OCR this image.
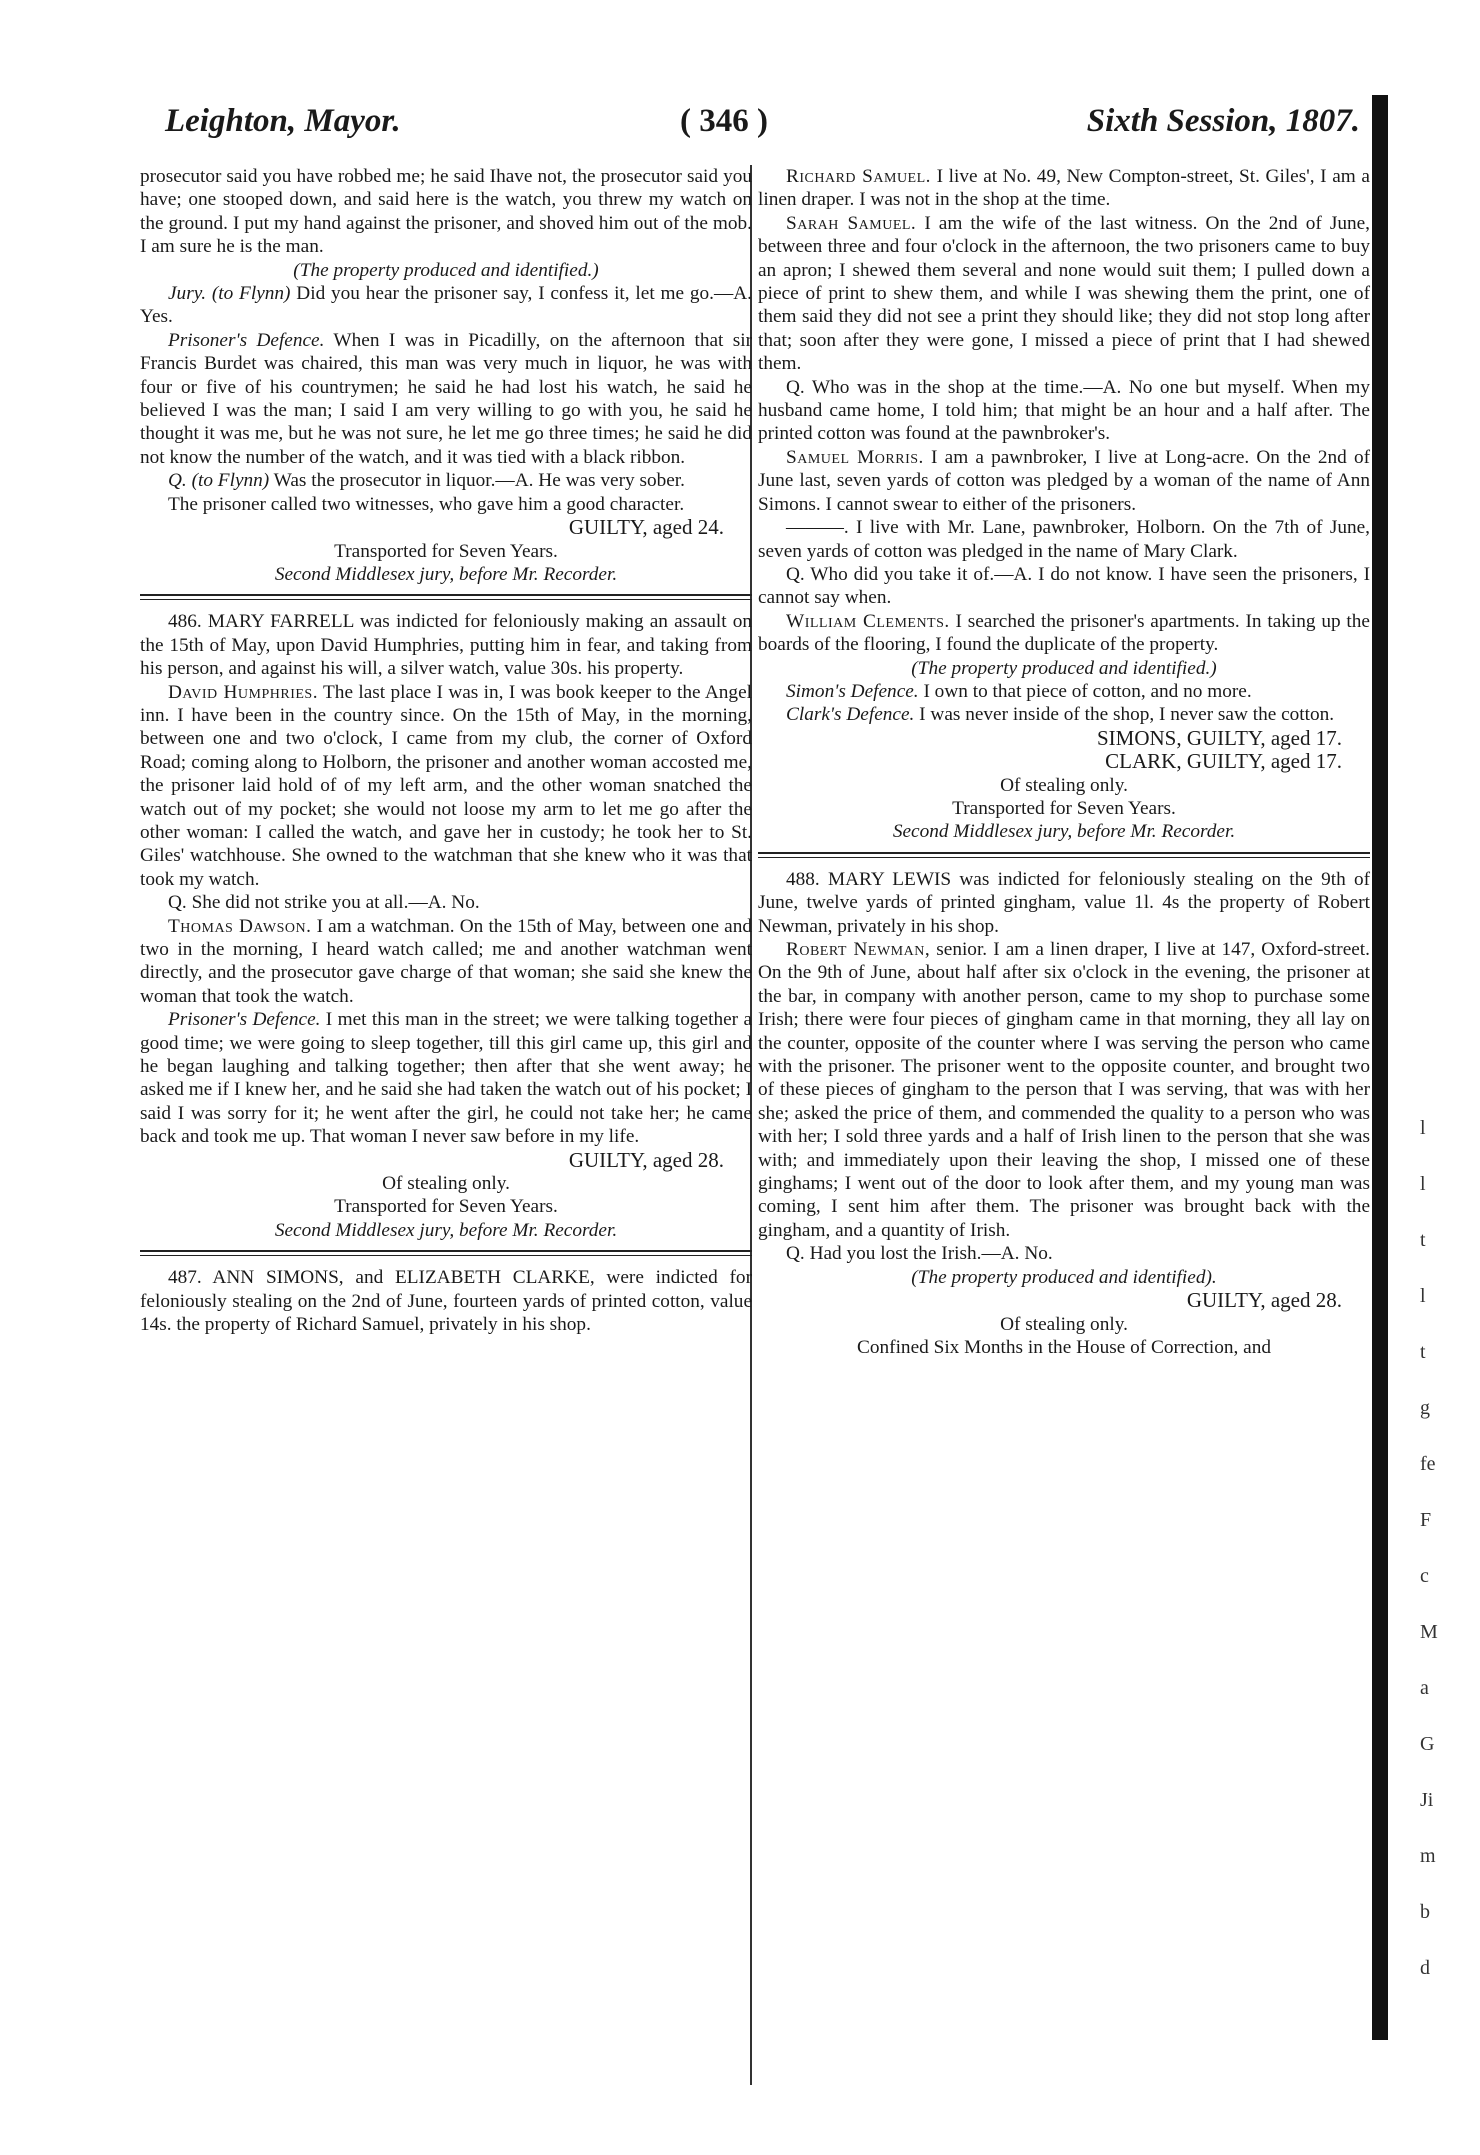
Leighton, Mayor.	( 346 )	Sixth Session, 1807.

prosecutor said you have robbed me; he said Ihave not, the prosecutor said you have; one stooped down, and said here is the watch, you threw my watch on the ground. I put my hand against the prisoner, and shoved him out of the mob. I am sure he is the man.

(The property produced and identified.)

Jury. (to Flynn) Did you hear the prisoner say, I confess it, let me go.—A. Yes.

Prisoner's Defence. When I was in Picadilly, on the afternoon that sir Francis Burdet was chaired, this man was very much in liquor, he was with four or five of his countrymen; he said he had lost his watch, he said he believed I was the man; I said I am very willing to go with you, he said he thought it was me, but he was not sure, he let me go three times; he said he did not know the number of the watch, and it was tied with a black ribbon.

Q. (to Flynn) Was the prosecutor in liquor.—A. He was very sober.

The prisoner called two witnesses, who gave him a good character.

GUILTY, aged 24.

Transported for Seven Years.

Second Middlesex jury, before Mr. Recorder.

486. MARY FARRELL was indicted for feloniously making an assault on the 15th of May, upon David Humphries, putting him in fear, and taking from his person, and against his will, a silver watch, value 30s. his property.

David Humphries. The last place I was in, I was book keeper to the Angel inn. I have been in the country since. On the 15th of May, in the morning, between one and two o'clock, I came from my club, the corner of Oxford Road; coming along to Holborn, the prisoner and another woman accosted me, the prisoner laid hold of of my left arm, and the other woman snatched the watch out of my pocket; she would not loose my arm to let me go after the other woman: I called the watch, and gave her in custody; he took her to St. Giles' watchhouse. She owned to the watchman that she knew who it was that took my watch.

Q. She did not strike you at all.—A. No.

Thomas Dawson. I am a watchman. On the 15th of May, between one and two in the morning, I heard watch called; me and another watchman went directly, and the prosecutor gave charge of that woman; she said she knew the woman that took the watch.

Prisoner's Defence. I met this man in the street; we were talking together a good time; we were going to sleep together, till this girl came up, this girl and he began laughing and talking together; then after that she went away; he asked me if I knew her, and he said she had taken the watch out of his pocket; I said I was sorry for it; he went after the girl, he could not take her; he came back and took me up. That woman I never saw before in my life.

GUILTY, aged 28.

Of stealing only.

Transported for Seven Years.

Second Middlesex jury, before Mr. Recorder.

487. ANN SIMONS, and ELIZABETH CLARKE, were indicted for feloniously stealing on the 2nd of June, fourteen yards of printed cotton, value 14s. the property of Richard Samuel, privately in his shop.

Richard Samuel. I live at No. 49, New Compton-street, St. Giles', I am a linen draper. I was not in the shop at the time.

Sarah Samuel. I am the wife of the last witness. On the 2nd of June, between three and four o'clock in the afternoon, the two prisoners came to buy an apron; I shewed them several and none would suit them; I pulled down a piece of print to shew them, and while I was shewing them the print, one of them said they did not see a print they should like; they did not stop long after that; soon after they were gone, I missed a piece of print that I had shewed them.

Q. Who was in the shop at the time.—A. No one but myself. When my husband came home, I told him; that might be an hour and a half after. The printed cotton was found at the pawnbroker's.

Samuel Morris. I am a pawnbroker, I live at Long-acre. On the 2nd of June last, seven yards of cotton was pledged by a woman of the name of Ann Simons. I cannot swear to either of the prisoners.

———. I live with Mr. Lane, pawnbroker, Holborn. On the 7th of June, seven yards of cotton was pledged in the name of Mary Clark.

Q. Who did you take it of.—A. I do not know. I have seen the prisoners, I cannot say when.

William Clements. I searched the prisoner's apartments. In taking up the boards of the flooring, I found the duplicate of the property.

(The property produced and identified.)

Simon's Defence. I own to that piece of cotton, and no more.

Clark's Defence. I was never inside of the shop, I never saw the cotton.

SIMONS, GUILTY, aged 17.

CLARK, GUILTY, aged 17.

Of stealing only.

Transported for Seven Years.

Second Middlesex jury, before Mr. Recorder.

488. MARY LEWIS was indicted for feloniously stealing on the 9th of June, twelve yards of printed gingham, value 1l. 4s the property of Robert Newman, privately in his shop.

Robert Newman, senior. I am a linen draper, I live at 147, Oxford-street. On the 9th of June, about half after six o'clock in the evening, the prisoner at the bar, in company with another person, came to my shop to purchase some Irish; there were four pieces of gingham came in that morning, they all lay on the counter, opposite of the counter where I was serving the person who came with the prisoner. The prisoner went to the opposite counter, and brought two of these pieces of gingham to the person that I was serving, that was with her she; asked the price of them, and commended the quality to a person who was with her; I sold three yards and a half of Irish linen to the person that she was with; and immediately upon their leaving the shop, I missed one of these ginghams; I went out of the door to look after them, and my young man was coming, I sent him after them. The prisoner was brought back with the gingham, and a quantity of Irish.

Q. Had you lost the Irish.—A. No.

(The property produced and identified).

GUILTY, aged 28.

Of stealing only.

Confined Six Months in the House of Correction, and

l
l
t
l
t
g
fe
F
c
M
a
G
Ji
m
b
d
